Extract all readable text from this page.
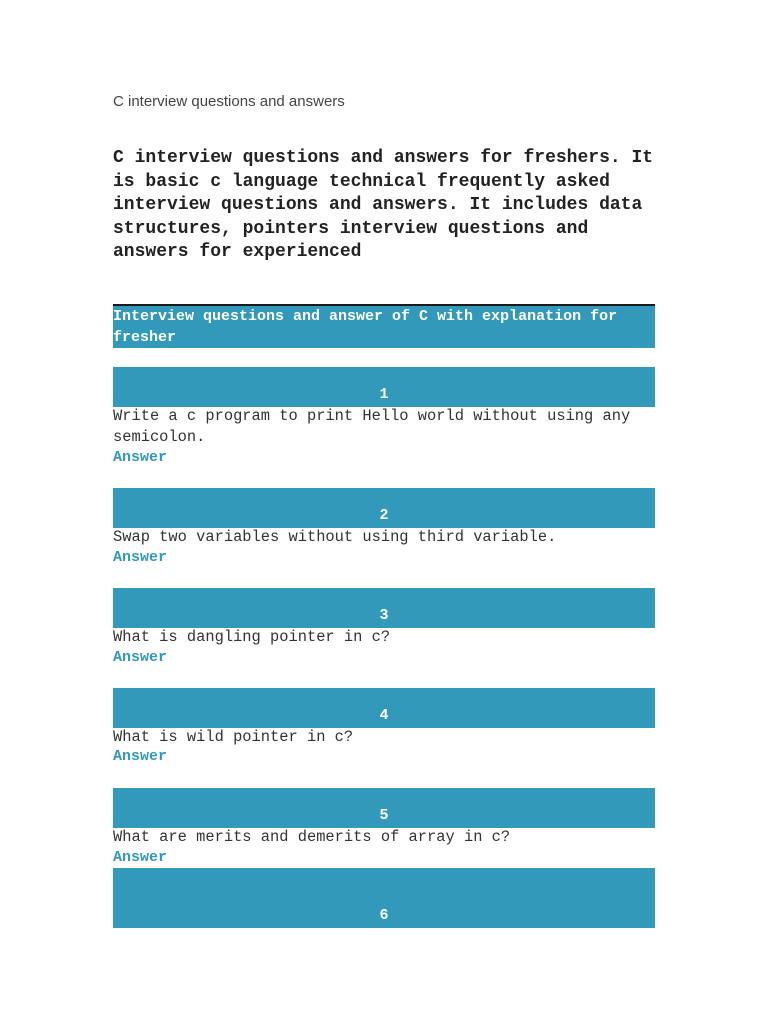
C interview questions and answers

C interview questions and answers for freshers. It is basic c language technical frequently asked interview questions and answers. It includes data structures, pointers interview questions and answers for experienced

Interview questions and answer of C with explanation for fresher
1

Write a c program to print Hello world without using any semicolon.

Answer
2

Swap two variables without using third variable.

Answer
3

What is dangling pointer in c?

Answer
4

What is wild pointer in c?

Answer
5

What are merits and demerits of array in c?

Answer
6
